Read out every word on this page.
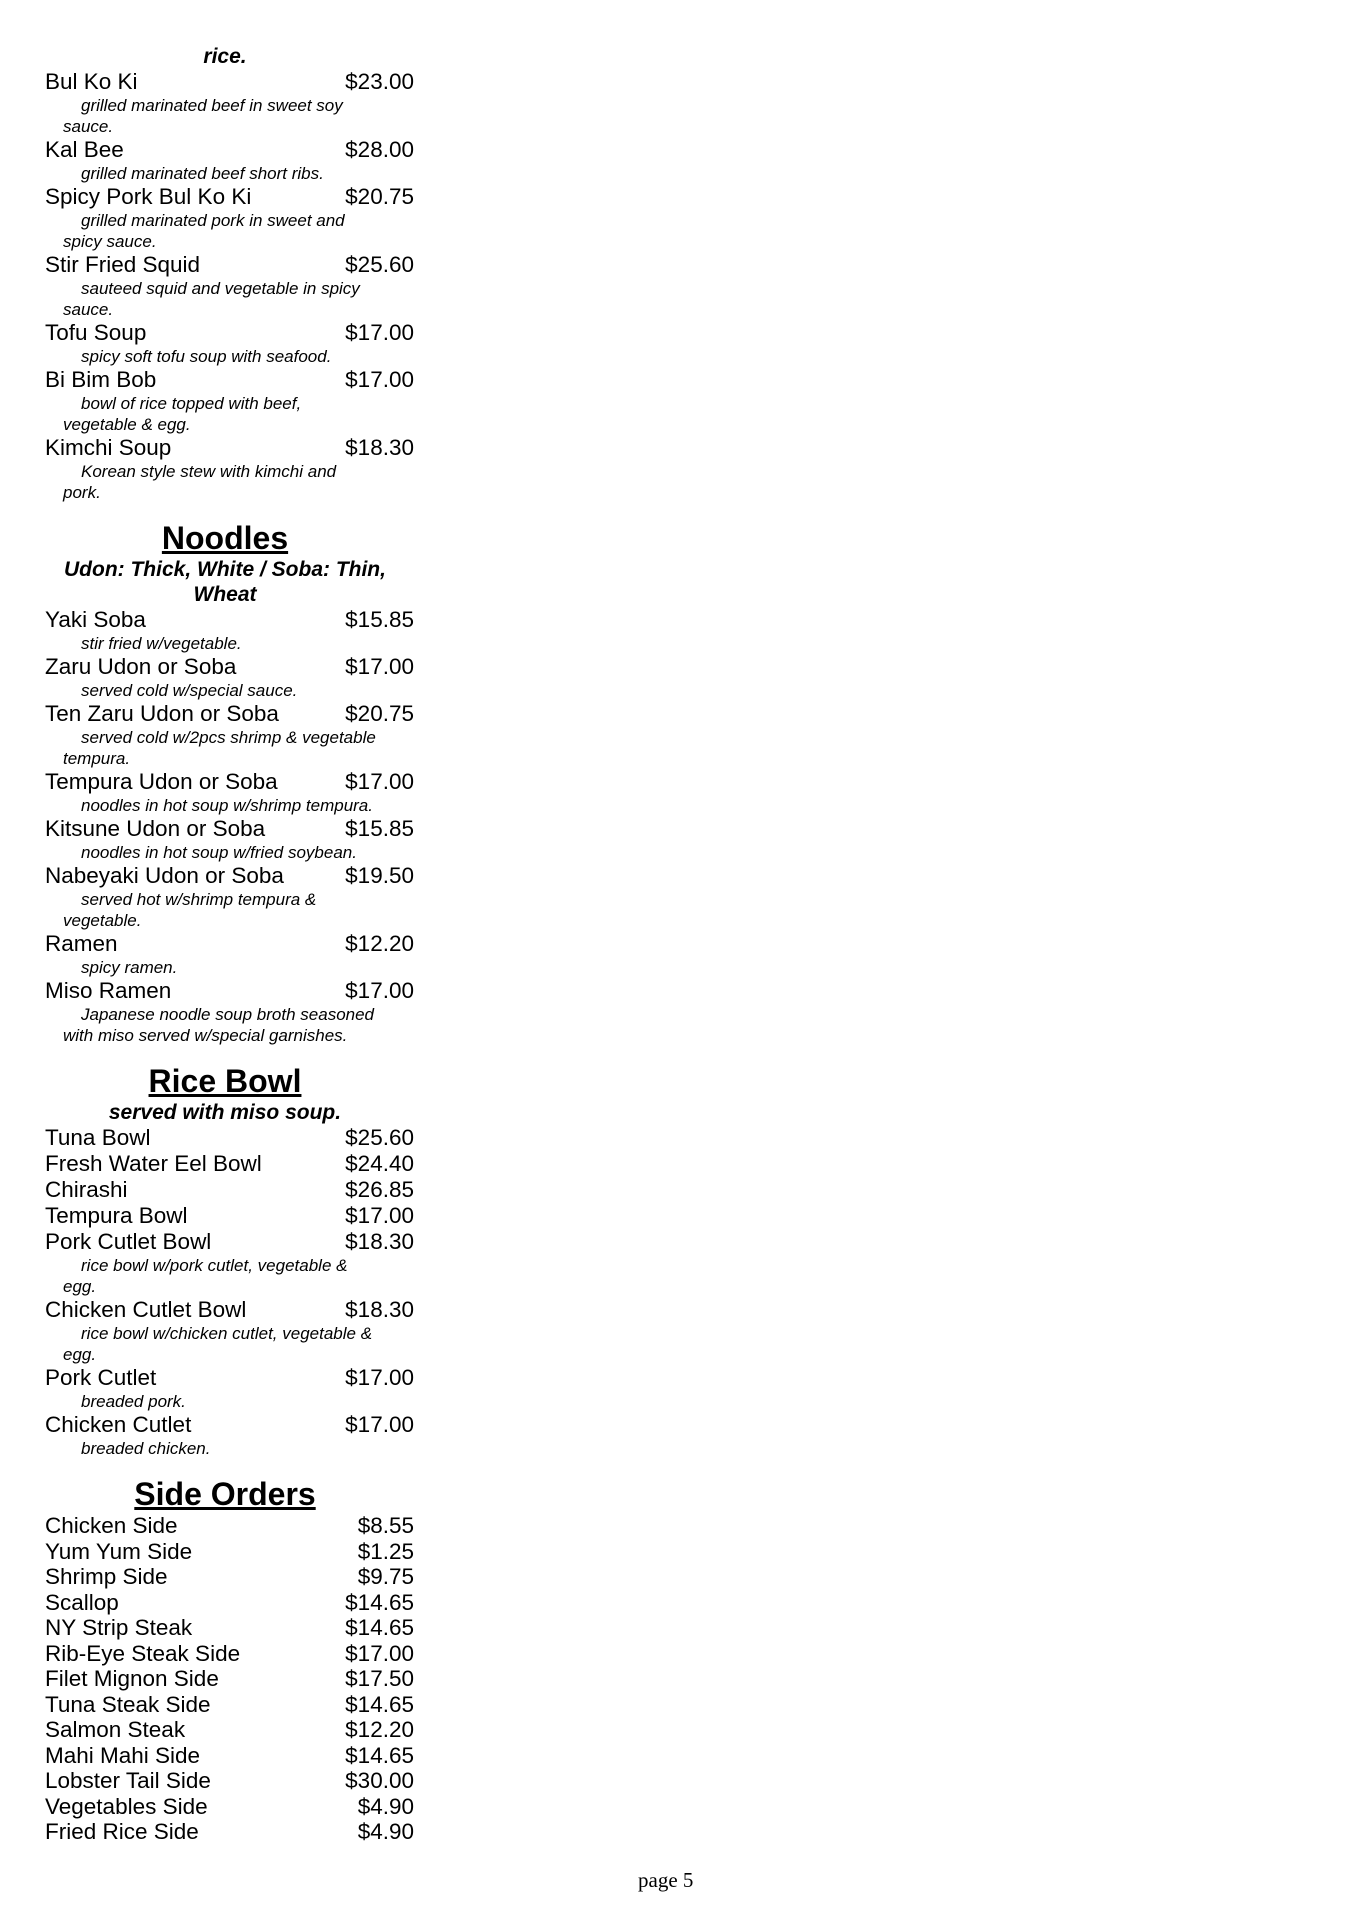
rice.
Bul Ko Ki	$23.00
grilled marinated beef in sweet soy sauce.
Kal Bee	$28.00
grilled marinated beef short ribs.
Spicy Pork Bul Ko Ki	$20.75
grilled marinated pork in sweet and spicy sauce.
Stir Fried Squid	$25.60
sauteed squid and vegetable in spicy sauce.
Tofu Soup	$17.00
spicy soft tofu soup with seafood.
Bi Bim Bob	$17.00
bowl of rice topped with beef, vegetable & egg.
Kimchi Soup	$18.30
Korean style stew with kimchi and pork.
Noodles
Udon: Thick, White / Soba: Thin, Wheat
Yaki Soba	$15.85
stir fried w/vegetable.
Zaru Udon or Soba	$17.00
served cold w/special sauce.
Ten Zaru Udon or Soba	$20.75
served cold w/2pcs shrimp & vegetable tempura.
Tempura Udon or Soba	$17.00
noodles in hot soup w/shrimp tempura.
Kitsune Udon or Soba	$15.85
noodles in hot soup w/fried soybean.
Nabeyaki Udon or Soba	$19.50
served hot w/shrimp tempura & vegetable.
Ramen	$12.20
spicy ramen.
Miso Ramen	$17.00
Japanese noodle soup broth seasoned with miso served w/special garnishes.
Rice Bowl
served with miso soup.
Tuna Bowl	$25.60
Fresh Water Eel Bowl	$24.40
Chirashi	$26.85
Tempura Bowl	$17.00
Pork Cutlet Bowl	$18.30
rice bowl w/pork cutlet, vegetable & egg.
Chicken Cutlet Bowl	$18.30
rice bowl w/chicken cutlet, vegetable & egg.
Pork Cutlet	$17.00
breaded pork.
Chicken Cutlet	$17.00
breaded chicken.
Side Orders
Chicken Side	$8.55
Yum Yum Side	$1.25
Shrimp Side	$9.75
Scallop	$14.65
NY Strip Steak	$14.65
Rib-Eye Steak Side	$17.00
Filet Mignon Side	$17.50
Tuna Steak Side	$14.65
Salmon Steak	$12.20
Mahi Mahi Side	$14.65
Lobster Tail Side	$30.00
Vegetables Side	$4.90
Fried Rice Side	$4.90
page 5
